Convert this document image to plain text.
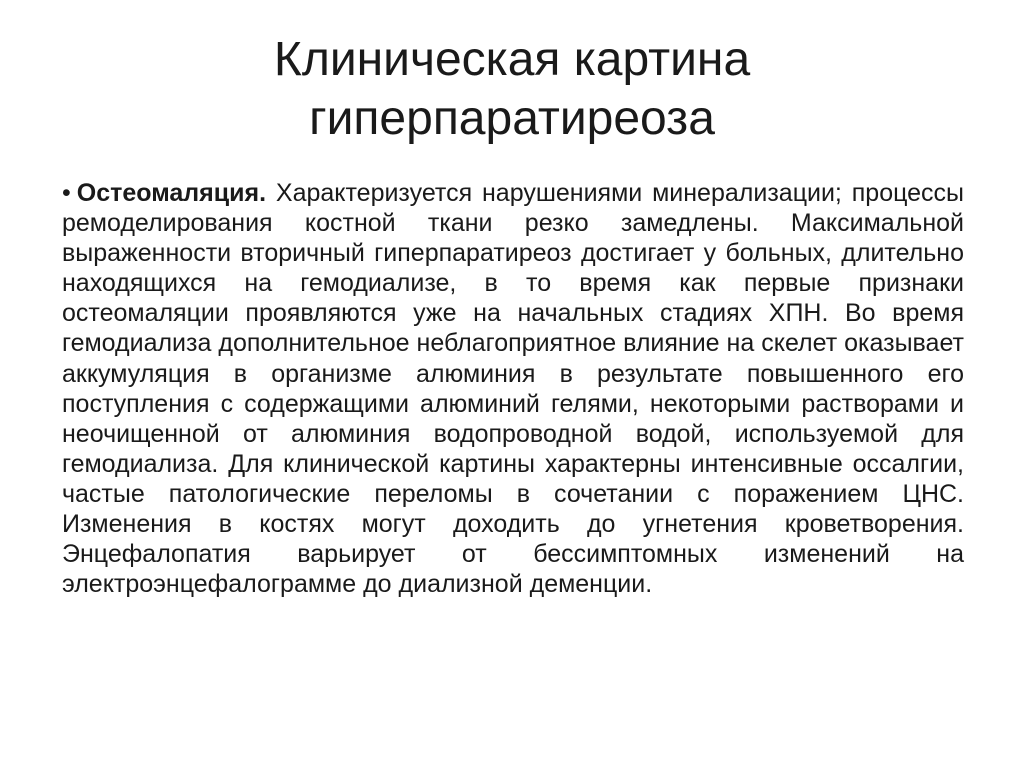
Клиническая картина
гиперпаратиреоза
• Остеомаляция. Характеризуется нарушениями минерализации; процессы ремоделирования костной ткани резко замедлены. Максимальной выраженности вторичный гиперпаратиреоз достигает у больных, длительно находящихся на гемодиализе, в то время как первые признаки остеомаляции проявляются уже на начальных стадиях ХПН. Во время гемодиализа дополнительное неблагоприятное влияние на скелет оказывает аккумуляция в организме алюминия в результате повышенного его поступления с содержащими алюминий гелями, некоторыми растворами и неочищенной от алюминия водопроводной водой, используемой для гемодиализа. Для клинической картины характерны интенсивные оссалгии, частые патологические переломы в сочетании с поражением ЦНС. Изменения в костях могут доходить до угнетения кроветворения. Энцефалопатия варьирует от бессимптомных изменений на электроэнцефалограмме до диализной деменции.
